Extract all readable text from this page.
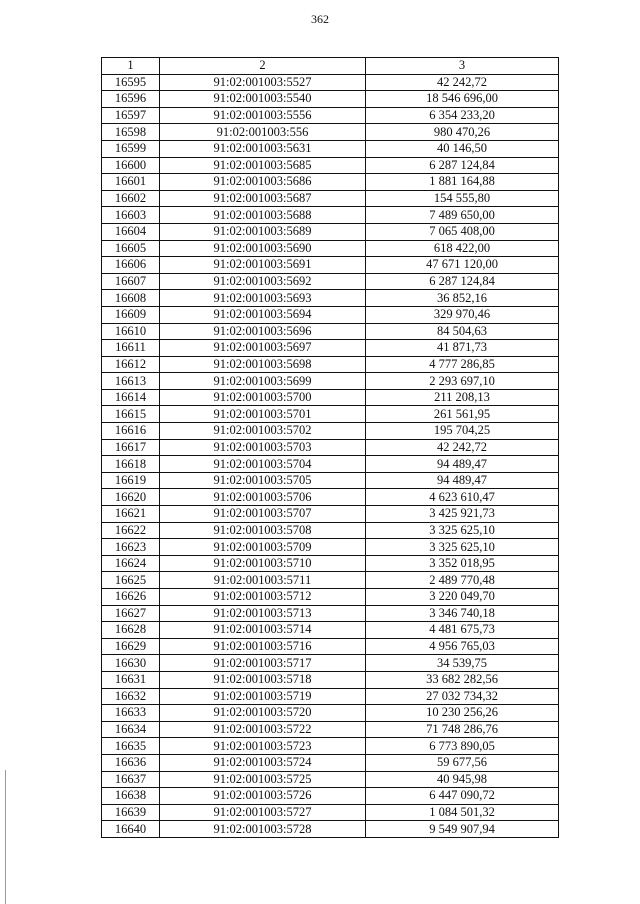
362
1	2	3
16595	91:02:001003:5527	42 242,72
16596	91:02:001003:5540	18 546 696,00
16597	91:02:001003:5556	6 354 233,20
16598	91:02:001003:556	980 470,26
16599	91:02:001003:5631	40 146,50
16600	91:02:001003:5685	6 287 124,84
16601	91:02:001003:5686	1 881 164,88
16602	91:02:001003:5687	154 555,80
16603	91:02:001003:5688	7 489 650,00
16604	91:02:001003:5689	7 065 408,00
16605	91:02:001003:5690	618 422,00
16606	91:02:001003:5691	47 671 120,00
16607	91:02:001003:5692	6 287 124,84
16608	91:02:001003:5693	36 852,16
16609	91:02:001003:5694	329 970,46
16610	91:02:001003:5696	84 504,63
16611	91:02:001003:5697	41 871,73
16612	91:02:001003:5698	4 777 286,85
16613	91:02:001003:5699	2 293 697,10
16614	91:02:001003:5700	211 208,13
16615	91:02:001003:5701	261 561,95
16616	91:02:001003:5702	195 704,25
16617	91:02:001003:5703	42 242,72
16618	91:02:001003:5704	94 489,47
16619	91:02:001003:5705	94 489,47
16620	91:02:001003:5706	4 623 610,47
16621	91:02:001003:5707	3 425 921,73
16622	91:02:001003:5708	3 325 625,10
16623	91:02:001003:5709	3 325 625,10
16624	91:02:001003:5710	3 352 018,95
16625	91:02:001003:5711	2 489 770,48
16626	91:02:001003:5712	3 220 049,70
16627	91:02:001003:5713	3 346 740,18
16628	91:02:001003:5714	4 481 675,73
16629	91:02:001003:5716	4 956 765,03
16630	91:02:001003:5717	34 539,75
16631	91:02:001003:5718	33 682 282,56
16632	91:02:001003:5719	27 032 734,32
16633	91:02:001003:5720	10 230 256,26
16634	91:02:001003:5722	71 748 286,76
16635	91:02:001003:5723	6 773 890,05
16636	91:02:001003:5724	59 677,56
16637	91:02:001003:5725	40 945,98
16638	91:02:001003:5726	6 447 090,72
16639	91:02:001003:5727	1 084 501,32
16640	91:02:001003:5728	9 549 907,94
